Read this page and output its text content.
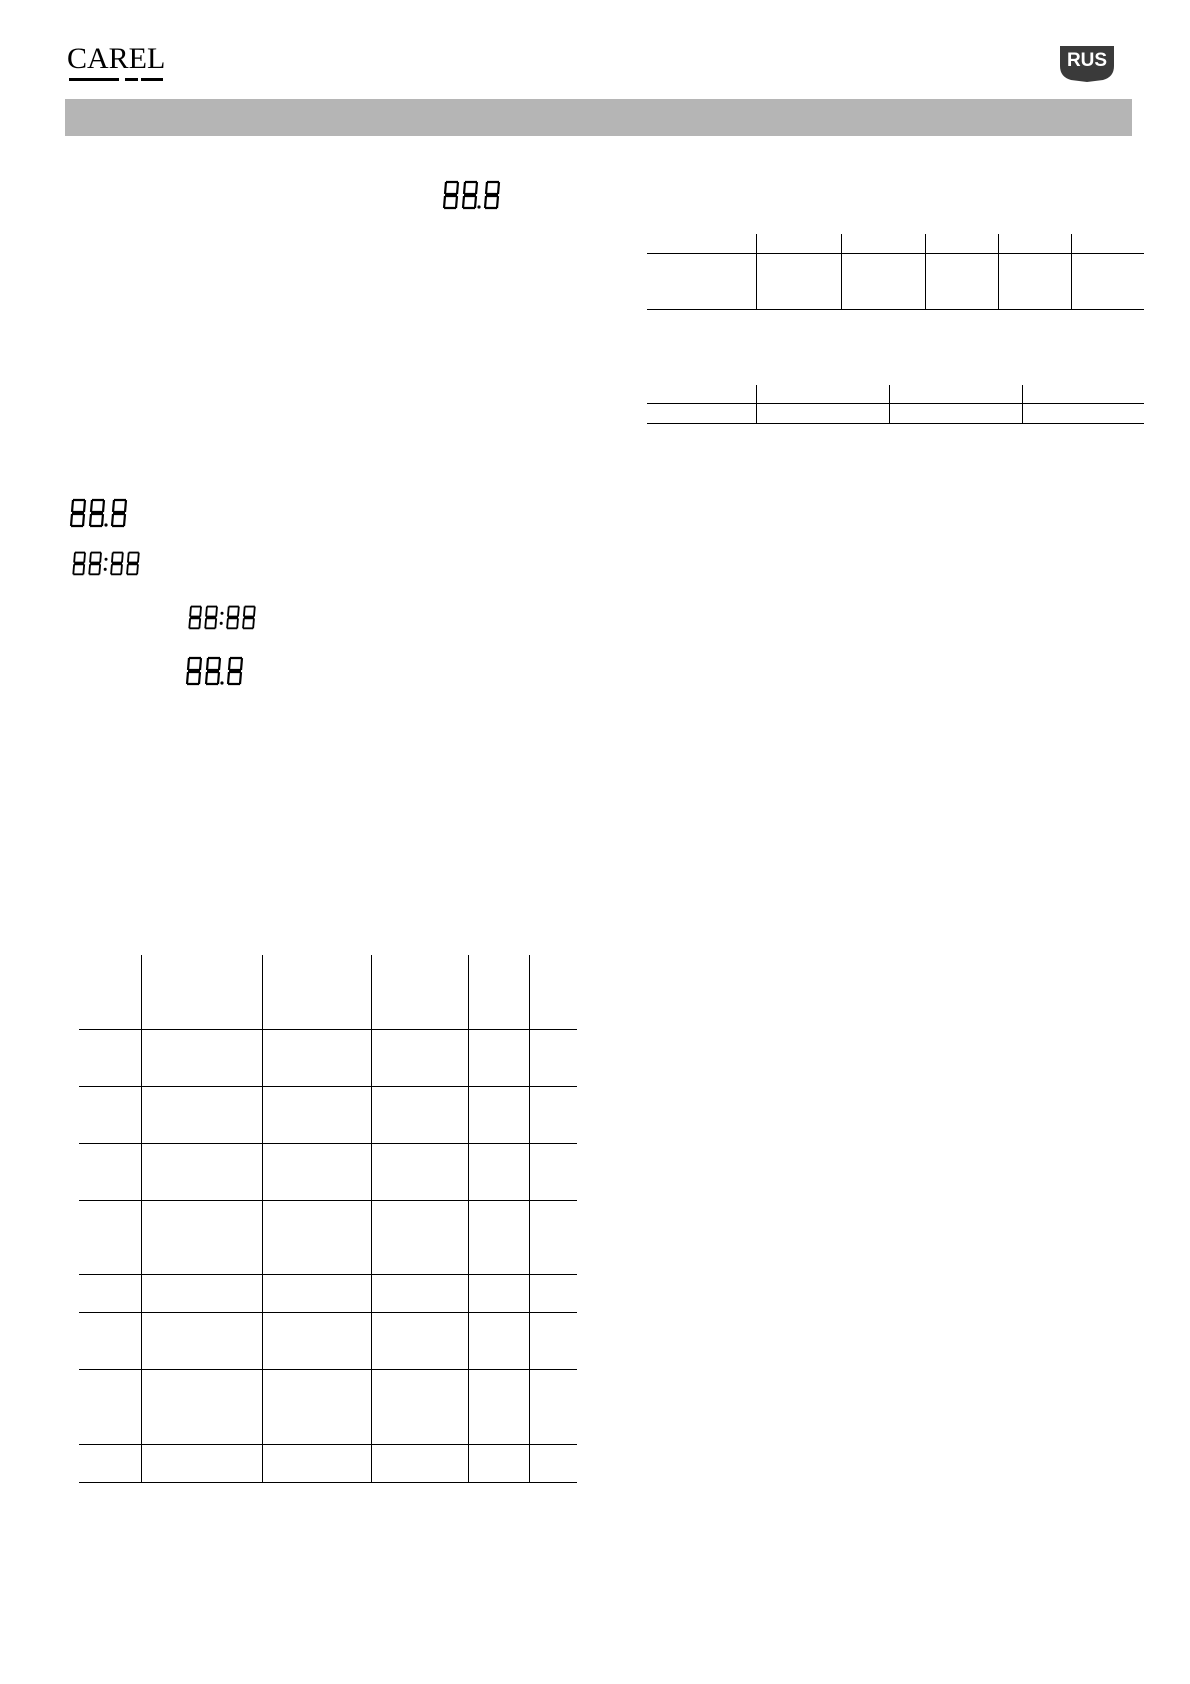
CAREL	RUS
